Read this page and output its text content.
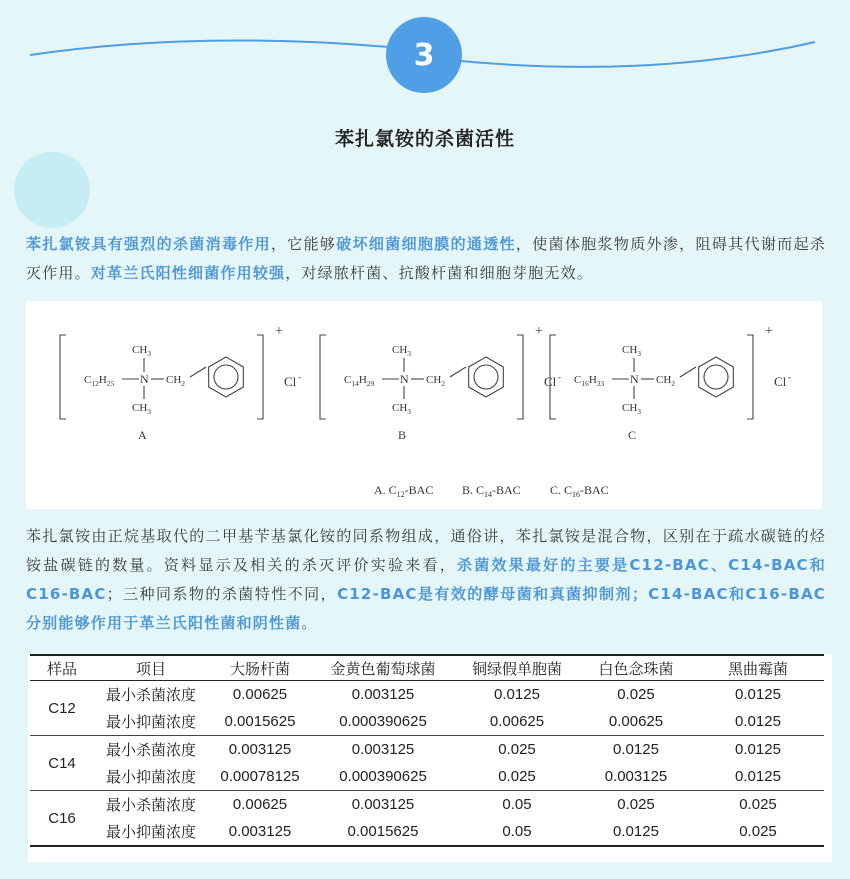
3
苯扎氯铵的杀菌活性
苯扎氯铵具有强烈的杀菌消毒作用，它能够破坏细菌细胞膜的通透性，使菌体胞浆物质外渗，阻碍其代谢而起杀灭作用。对革兰氏阳性细菌作用较强，对绿脓杆菌、抗酸杆菌和细胞芽胞无效。
+
Cl -
$CH_3$
$C_{12}H_{25}$ N $CH_2$
$CH_3$
A
+
Cl -
$CH_3$
$C_{14}H_{29}$ N $CH_2$
$CH_3$
B
+
Cl -
$CH_3$
$C_{16}H_{33}$ N $CH_2$
$CH_3$
C
A. $C_{12}$-BAC B. $C_{14}$-BAC C. $C_{16}$-BAC
苯扎氯铵由正烷基取代的二甲基苄基氯化铵的同系物组成，通俗讲，苯扎氯铵是混合物，区别在于疏水碳链的烃铵盐碳链的数量。资料显示及相关的杀灭评价实验来看，杀菌效果最好的主要是C12-BAC、C14-BAC和C16-BAC；三种同系物的杀菌特性不同，C12-BAC是有效的酵母菌和真菌抑制剂；C14-BAC和C16-BAC分别能够作用于革兰氏阳性菌和阴性菌。
样品	项目	大肠杆菌	金黄色葡萄球菌	铜绿假单胞菌	白色念珠菌	黑曲霉菌
C12	最小杀菌浓度	0.00625	0.003125	0.0125	0.025	0.0125
	最小抑菌浓度	0.0015625	0.000390625	0.00625	0.00625	0.0125
C14	最小杀菌浓度	0.003125	0.003125	0.025	0.0125	0.0125
	最小抑菌浓度	0.00078125	0.000390625	0.025	0.003125	0.0125
C16	最小杀菌浓度	0.00625	0.003125	0.05	0.025	0.025
	最小抑菌浓度	0.003125	0.0015625	0.05	0.0125	0.025
